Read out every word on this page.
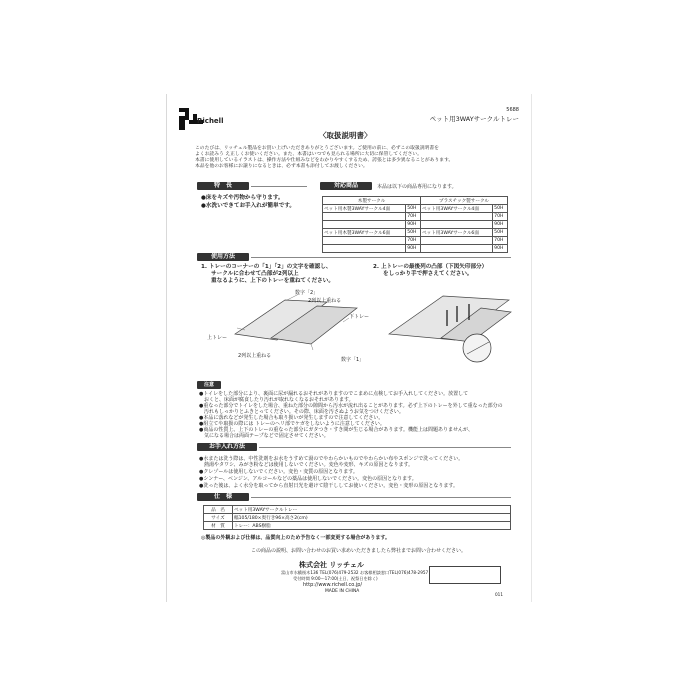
Richell
5688
ペット用3WAYサークルトレー
〈取扱説明書〉
このたびは、リッチェル製品をお買い上げいただきありがとうございます。ご使用の前に、必ずこの取扱説明書を
よくお読みう え正しくお使いください。また、本書はいつでも見られる場所に大切に保管してください。
本書に使用しているイラストは、操作方法や仕組みなどをわかりやすくするため、誇張とは多少異なることがあります。
本品を他のお客様にお譲りになるときは、必ず本書も添付してお渡しください。
特　長
●床をキズや汚物から守ります。
●水洗いできてお手入れが簡単です。
対応商品	本品は以下の商品専用になります。
木製サークル		プラスチック製サークル	
ペット用木製3WAYサークル4面	50H	ペット用3WAYサークル4面	50H
	70H		70H
	90H		90H
ペット用木製3WAYサークル6面	50H	ペット用3WAYサークル6面	50H
	70H		70H
	90H		90H
使用方法
1. トレーのコーナーの「1」「2」の文字を確認し、
サークルに合わせて凸部が2列以上
重なるように、上下のトレーを重ねてください。
2. 上トレーの最後列の凸部（下図矢印部分）
をしっかり手で押さえてください。
数字「2」
2列以上重ねる
下トレー
上トレー
2列以上重ねる
数字「1」
注意
●トイレをした部分により、裏面に尿が漏れるおそれがありますのでこまめに点検してお手入れしてください。放置して
　おくと、床面が腐食したり汚れが取れなくなるおそれがあります。
●重なった部分でトイレをした場合、重ねた部分の隙間から汚水が流れ出ることがあります。必ず上下のトレーを外して重なった部分の
　汚れもしっかりとふきとってください。その際、床面を汚さぬようお気をつけください。
●本品に落れなどが発生した場合も取り扱いが発生しますので注意してください。
●組立てや取扱の際には トレーのヘリ部でケガをしないように注意してください。
●商品の性質上、上下のトレーの重なった部分にガタつき・すき間が生じる場合があります。機能上は問題ありませんが、
　気になる場合は両面テープなどで固定させてください。
お手入れ方法
●水または洗う際は、中性洗剤をお水をうすめて湯のでやわらかいものでやわらかい布やスポンジで洗ってください。
　熱湯やタワシ、みがき粉などは使用しないでください。変色や変形、キズの原因となります。
●クレゾールは使用しないでください。変色・変質の原因となります。
●シンナー、ベンジン、アルコールなどの薬品は使用しないでください。変色の原因となります。
●洗った後は、よく水分を取ってから直射日光を避けて陰干ししてお使いください。変色・変形の原因となります。
仕　様
品　名	ペット用3WAYサークルトレー
サイズ	幅105/180×奥行き96×高さ2(cm)
材　質	トレー：ABS樹脂
◎製品の外観および仕様は、品質向上のため予告なく一部変更する場合があります。
この商品の説明、お問い合わせのお買い求めいただきましたら弊社までお問い合わせください。
株式会社 リッチェル
富山市水橋桜木136 TEL(076)479-2532 お客様相談窓口TEL(076)478-2957
受付時間 9:00〜17:00(土日、祝祭日を除く)
http://www.richell.co.jp/
MADE IN CHINA
011
